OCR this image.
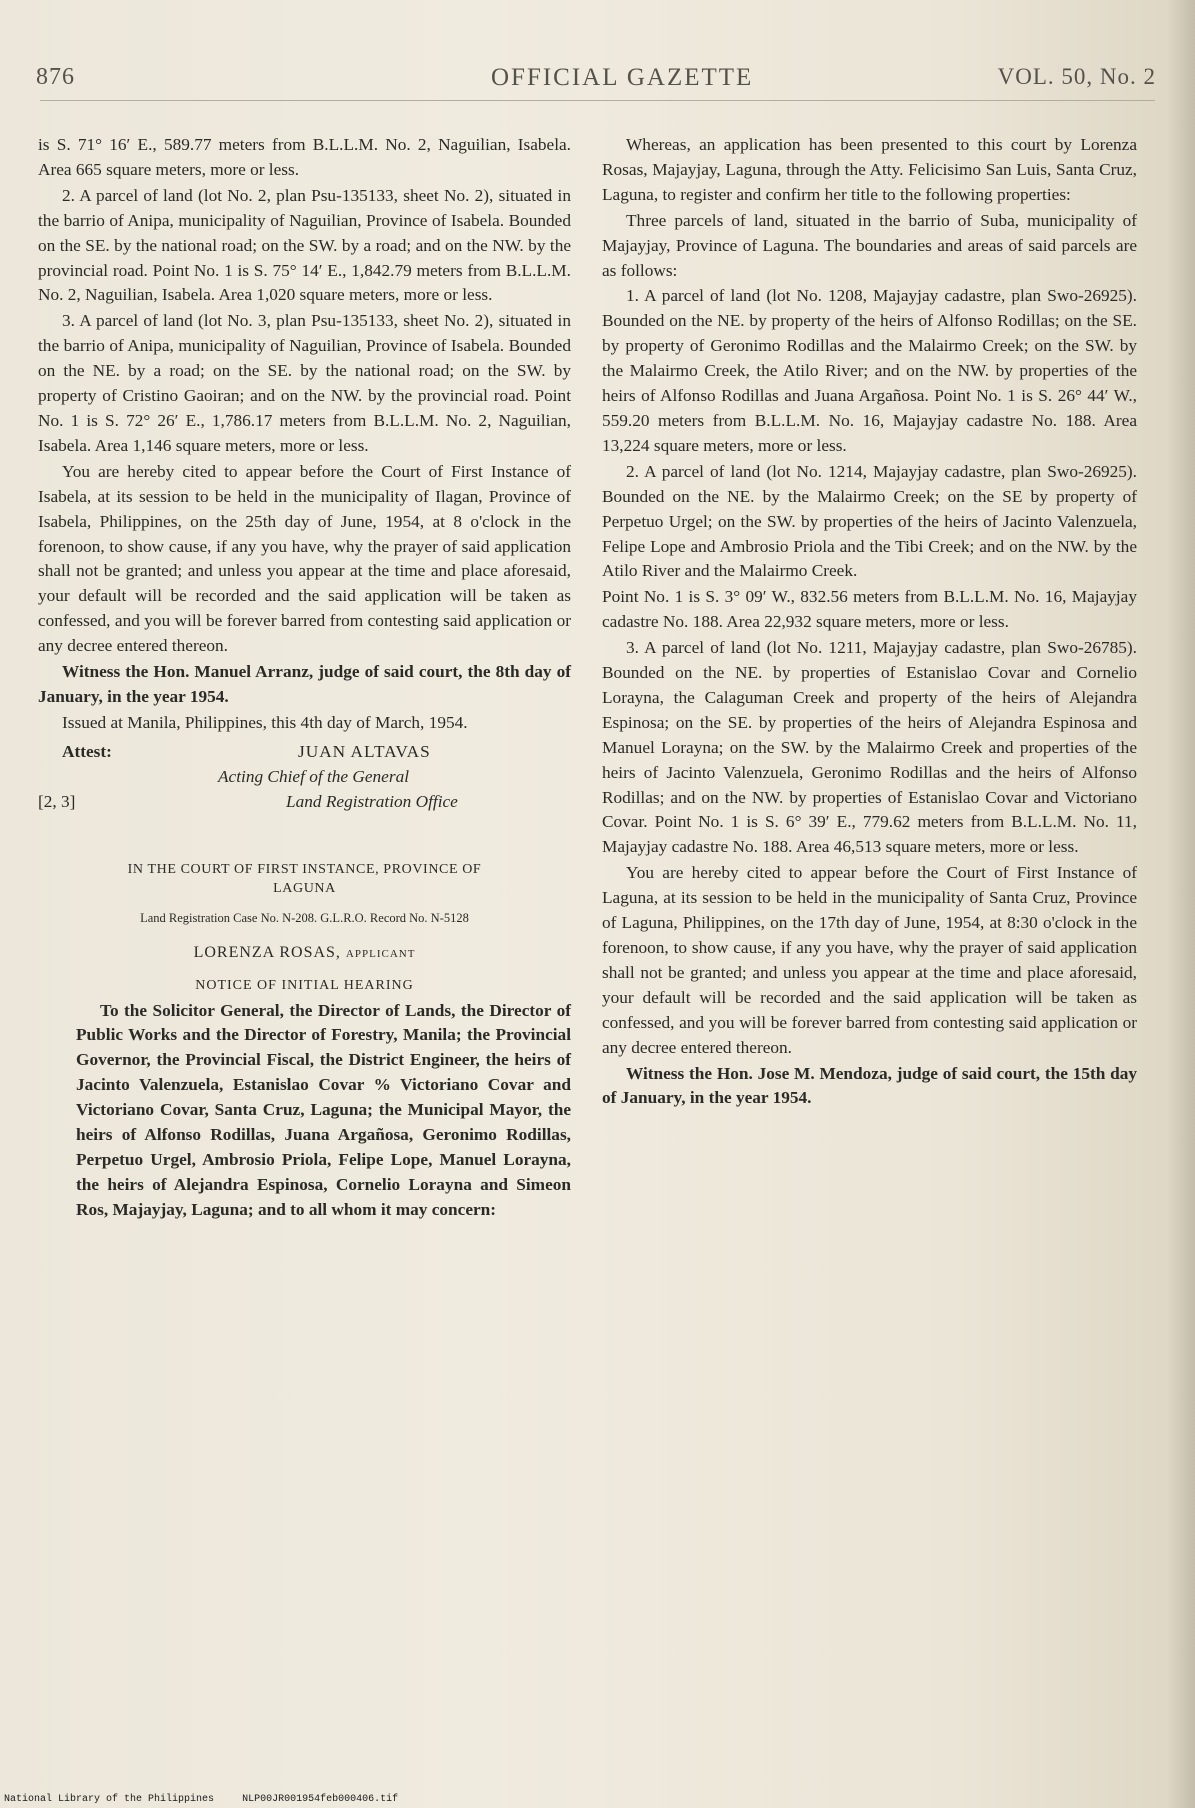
876	OFFICIAL GAZETTE	VOL. 50, No. 2

is S. 71° 16′ E., 589.77 meters from B.L.L.M. No. 2, Naguilian, Isabela. Area 665 square meters, more or less.

2. A parcel of land (lot No. 2, plan Psu-135133, sheet No. 2), situated in the barrio of Anipa, municipality of Naguilian, Province of Isabela. Bounded on the SE. by the national road; on the SW. by a road; and on the NW. by the provincial road. Point No. 1 is S. 75° 14′ E., 1,842.79 meters from B.L.L.M. No. 2, Naguilian, Isabela. Area 1,020 square meters, more or less.

3. A parcel of land (lot No. 3, plan Psu-135133, sheet No. 2), situated in the barrio of Anipa, municipality of Naguilian, Province of Isabela. Bounded on the NE. by a road; on the SE. by the national road; on the SW. by property of Cristino Gaoiran; and on the NW. by the provincial road. Point No. 1 is S. 72° 26′ E., 1,786.17 meters from B.L.L.M. No. 2, Naguilian, Isabela. Area 1,146 square meters, more or less.

You are hereby cited to appear before the Court of First Instance of Isabela, at its session to be held in the municipality of Ilagan, Province of Isabela, Philippines, on the 25th day of June, 1954, at 8 o'clock in the forenoon, to show cause, if any you have, why the prayer of said application shall not be granted; and unless you appear at the time and place aforesaid, your default will be recorded and the said application will be taken as confessed, and you will be forever barred from contesting said application or any decree entered thereon.

Witness the Hon. Manuel Arranz, judge of said court, the 8th day of January, in the year 1954.

Issued at Manila, Philippines, this 4th day of March, 1954.

Attest:	JUAN ALTAVAS
Acting Chief of the General
[2, 3]	Land Registration Office
IN THE COURT OF FIRST INSTANCE, PROVINCE OF LAGUNA
Land Registration Case No. N-208. G.L.R.O. Record No. N-5128
LORENZA ROSAS, applicant
NOTICE OF INITIAL HEARING

To the Solicitor General, the Director of Lands, the Director of Public Works and the Director of Forestry, Manila; the Provincial Governor, the Provincial Fiscal, the District Engineer, the heirs of Jacinto Valenzuela, Estanislao Covar % Victoriano Covar and Victoriano Covar, Santa Cruz, Laguna; the Municipal Mayor, the heirs of Alfonso Rodillas, Juana Argañosa, Geronimo Rodillas, Perpetuo Urgel, Ambrosio Priola, Felipe Lope, Manuel Lorayna, the heirs of Alejandra Espinosa, Cornelio Lorayna and Simeon Ros, Majayjay, Laguna; and to all whom it may concern:

Whereas, an application has been presented to this court by Lorenza Rosas, Majayjay, Laguna, through the Atty. Felicisimo San Luis, Santa Cruz, Laguna, to register and confirm her title to the following properties:

Three parcels of land, situated in the barrio of Suba, municipality of Majayjay, Province of Laguna. The boundaries and areas of said parcels are as follows:

1. A parcel of land (lot No. 1208, Majayjay cadastre, plan Swo-26925). Bounded on the NE. by property of the heirs of Alfonso Rodillas; on the SE. by property of Geronimo Rodillas and the Malairmo Creek; on the SW. by the Malairmo Creek, the Atilo River; and on the NW. by properties of the heirs of Alfonso Rodillas and Juana Argañosa. Point No. 1 is S. 26° 44′ W., 559.20 meters from B.L.L.M. No. 16, Majayjay cadastre No. 188. Area 13,224 square meters, more or less.

2. A parcel of land (lot No. 1214, Majayjay cadastre, plan Swo-26925). Bounded on the NE. by the Malairmo Creek; on the SE by property of Perpetuo Urgel; on the SW. by properties of the heirs of Jacinto Valenzuela, Felipe Lope and Ambrosio Priola and the Tibi Creek; and on the NW. by the Atilo River and the Malairmo Creek.

Point No. 1 is S. 3° 09′ W., 832.56 meters from B.L.L.M. No. 16, Majayjay cadastre No. 188. Area 22,932 square meters, more or less.

3. A parcel of land (lot No. 1211, Majayjay cadastre, plan Swo-26785). Bounded on the NE. by properties of Estanislao Covar and Cornelio Lorayna, the Calaguman Creek and property of the heirs of Alejandra Espinosa; on the SE. by properties of the heirs of Alejandra Espinosa and Manuel Lorayna; on the SW. by the Malairmo Creek and properties of the heirs of Jacinto Valenzuela, Geronimo Rodillas and the heirs of Alfonso Rodillas; and on the NW. by properties of Estanislao Covar and Victoriano Covar. Point No. 1 is S. 6° 39′ E., 779.62 meters from B.L.L.M. No. 11, Majayjay cadastre No. 188. Area 46,513 square meters, more or less.

You are hereby cited to appear before the Court of First Instance of Laguna, at its session to be held in the municipality of Santa Cruz, Province of Laguna, Philippines, on the 17th day of June, 1954, at 8:30 o'clock in the forenoon, to show cause, if any you have, why the prayer of said application shall not be granted; and unless you appear at the time and place aforesaid, your default will be recorded and the said application will be taken as confessed, and you will be forever barred from contesting said application or any decree entered thereon.

Witness the Hon. Jose M. Mendoza, judge of said court, the 15th day of January, in the year 1954.

National Library of the Philippines	NLP00JR001954feb000406.tif
